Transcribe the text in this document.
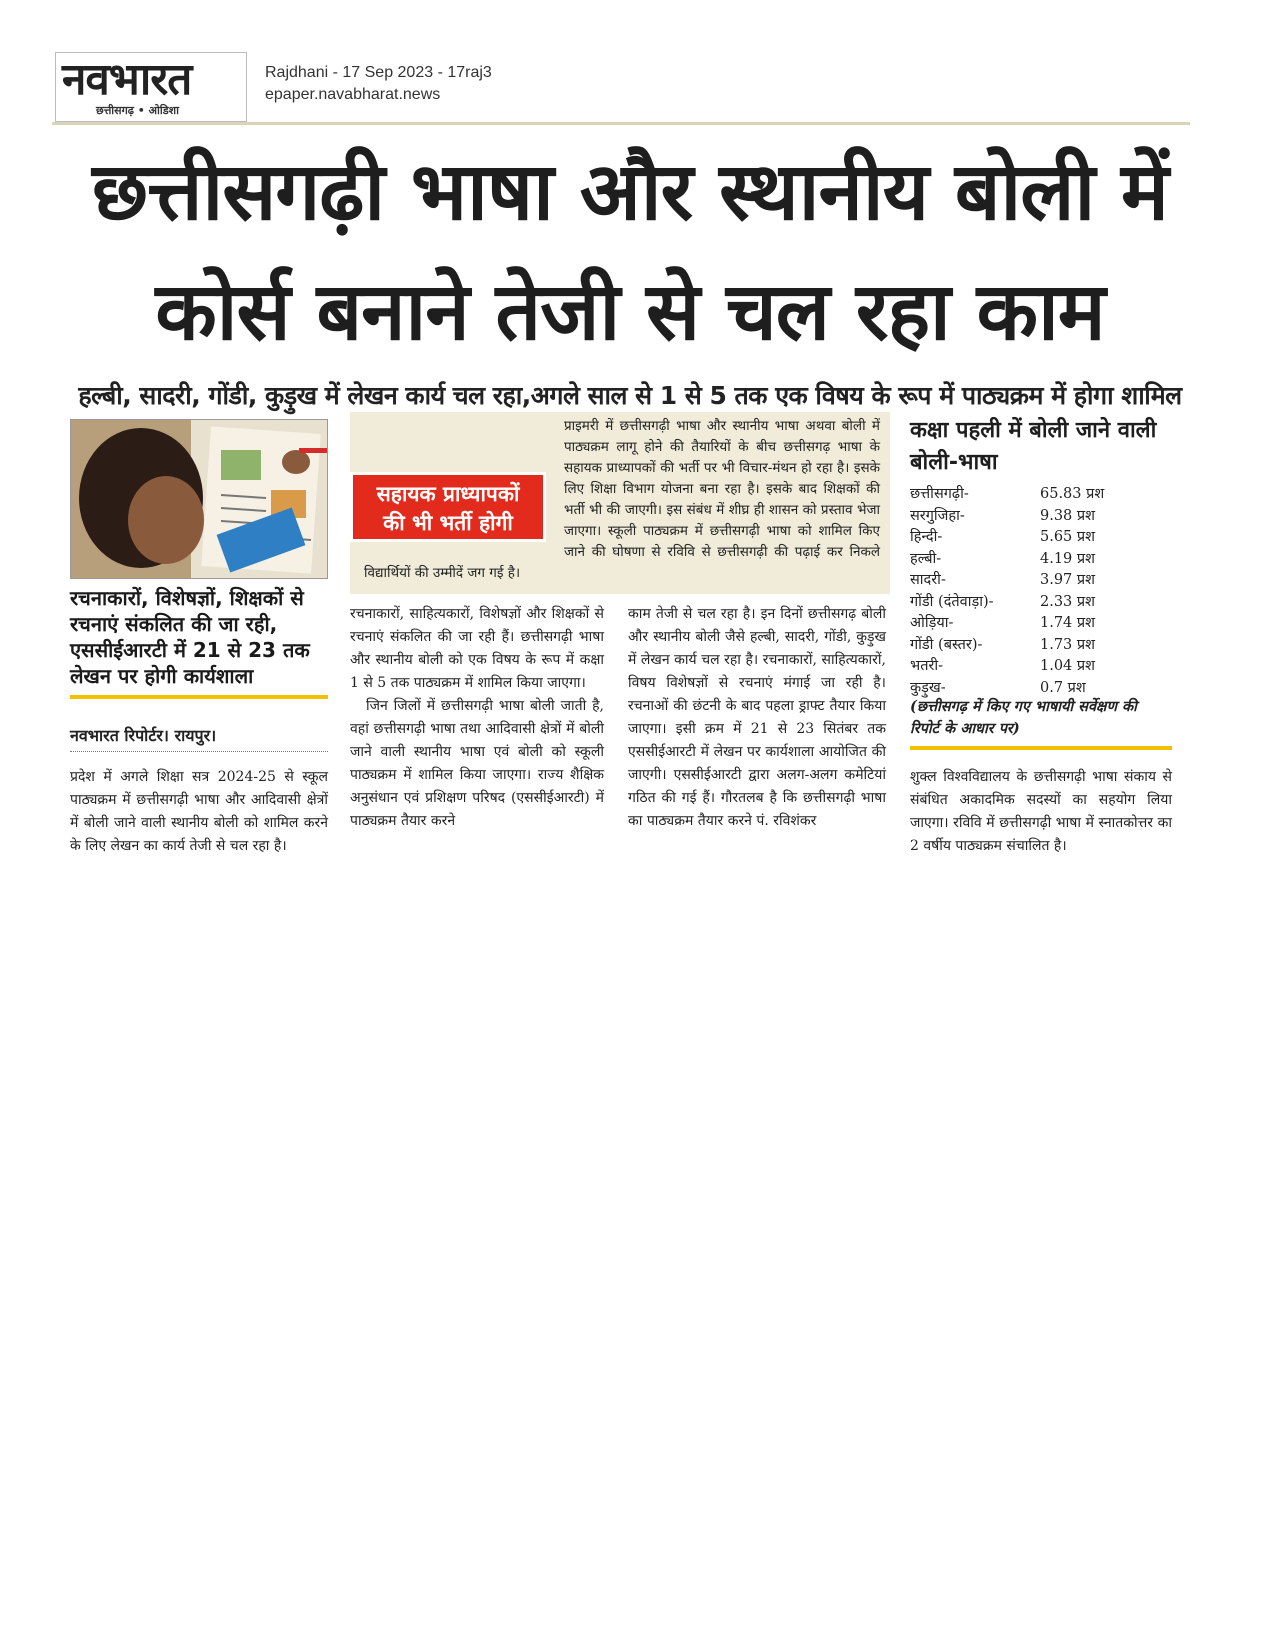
नवभारत
छत्तीसगढ़ • ओडिशा
Rajdhani - 17 Sep 2023 - 17raj3
epaper.navabharat.news
छत्तीसगढ़ी भाषा और स्थानीय बोली में
कोर्स बनाने तेजी से चल रहा काम
हल्बी, सादरी, गोंडी, कुड़ुख में लेखन कार्य चल रहा,अगले साल से 1 से 5 तक एक विषय के रूप में पाठ्यक्रम में होगा शामिल
रचनाकारों, विशेषज्ञों, शिक्षकों से रचनाएं संकलित की जा रही, एससीईआरटी में 21 से 23 तक लेखन पर होगी कार्यशाला
नवभारत रिपोर्टर। रायपुर।
प्रदेश में अगले शिक्षा सत्र 2024-25 से स्कूल पाठ्यक्रम में छत्तीसगढ़ी भाषा और आदिवासी क्षेत्रों में बोली जाने वाली स्थानीय बोली को शामिल करने के लिए लेखन का कार्य तेजी से चल रहा है।
सहायक प्राध्यापकों
की भी भर्ती होगी
प्राइमरी में छत्तीसगढ़ी भाषा और स्थानीय भाषा अथवा बोली में पाठ्यक्रम लागू होने की तैयारियों के बीच छत्तीसगढ़ भाषा के सहायक प्राध्यापकों की भर्ती पर भी विचार-मंथन हो रहा है। इसके लिए शिक्षा विभाग योजना बना रहा है। इसके बाद शिक्षकों की भर्ती भी की जाएगी। इस संबंध में शीघ्र ही शासन को प्रस्ताव भेजा जाएगा। स्कूली पाठ्यक्रम में छत्तीसगढ़ी भाषा को शामिल किए जाने की घोषणा से रविवि से छत्तीसगढ़ी की पढ़ाई कर निकले विद्यार्थियों की उम्मीदें जग गई है।
रचनाकारों, साहित्यकारों, विशेषज्ञों और शिक्षकों से रचनाएं संकलित की जा रही हैं। छत्तीसगढ़ी भाषा और स्थानीय बोली को एक विषय के रूप में कक्षा 1 से 5 तक पाठ्यक्रम में शामिल किया जाएगा।
जिन जिलों में छत्तीसगढ़ी भाषा बोली जाती है, वहां छत्तीसगढ़ी भाषा तथा आदिवासी क्षेत्रों में बोली जाने वाली स्थानीय भाषा एवं बोली को स्कूली पाठ्यक्रम में शामिल किया जाएगा। राज्य शैक्षिक अनुसंधान एवं प्रशिक्षण परिषद (एससीईआरटी) में पाठ्यक्रम तैयार करने
काम तेजी से चल रहा है। इन दिनों छत्तीसगढ़ बोली और स्थानीय बोली जैसे हल्बी, सादरी, गोंडी, कुड़ुख में लेखन कार्य चल रहा है। रचनाकारों, साहित्यकारों, विषय विशेषज्ञों से रचनाएं मंगाई जा रही है। रचनाओं की छंटनी के बाद पहला ड्राफ्ट तैयार किया जाएगा। इसी क्रम में 21 से 23 सितंबर तक एससीईआरटी में लेखन पर कार्यशाला आयोजित की जाएगी। एससीईआरटी द्वारा अलग-अलग कमेटियां गठित की गई हैं। गौरतलब है कि छत्तीसगढ़ी भाषा का पाठ्यक्रम तैयार करने पं. रविशंकर
कक्षा पहली में बोली जाने वाली बोली-भाषा
छत्तीसगढ़ी-	65.83 प्रश
सरगुजिहा-	9.38 प्रश
हिन्दी-	5.65 प्रश
हल्बी-	4.19 प्रश
सादरी-	3.97 प्रश
गोंडी (दंतेवाड़ा)-	2.33 प्रश
ओड़िया-	1.74 प्रश
गोंडी (बस्तर)-	1.73 प्रश
भतरी-	1.04 प्रश
कुड़ुख-	0.7 प्रश
(छत्तीसगढ़ में किए गए भाषायी सर्वेक्षण की रिपोर्ट के आधार पर)
शुक्ल विश्वविद्यालय के छत्तीसगढ़ी भाषा संकाय से संबंधित अकादमिक सदस्यों का सहयोग लिया जाएगा। रविवि में छत्तीसगढ़ी भाषा में स्नातकोत्तर का 2 वर्षीय पाठ्यक्रम संचालित है।
